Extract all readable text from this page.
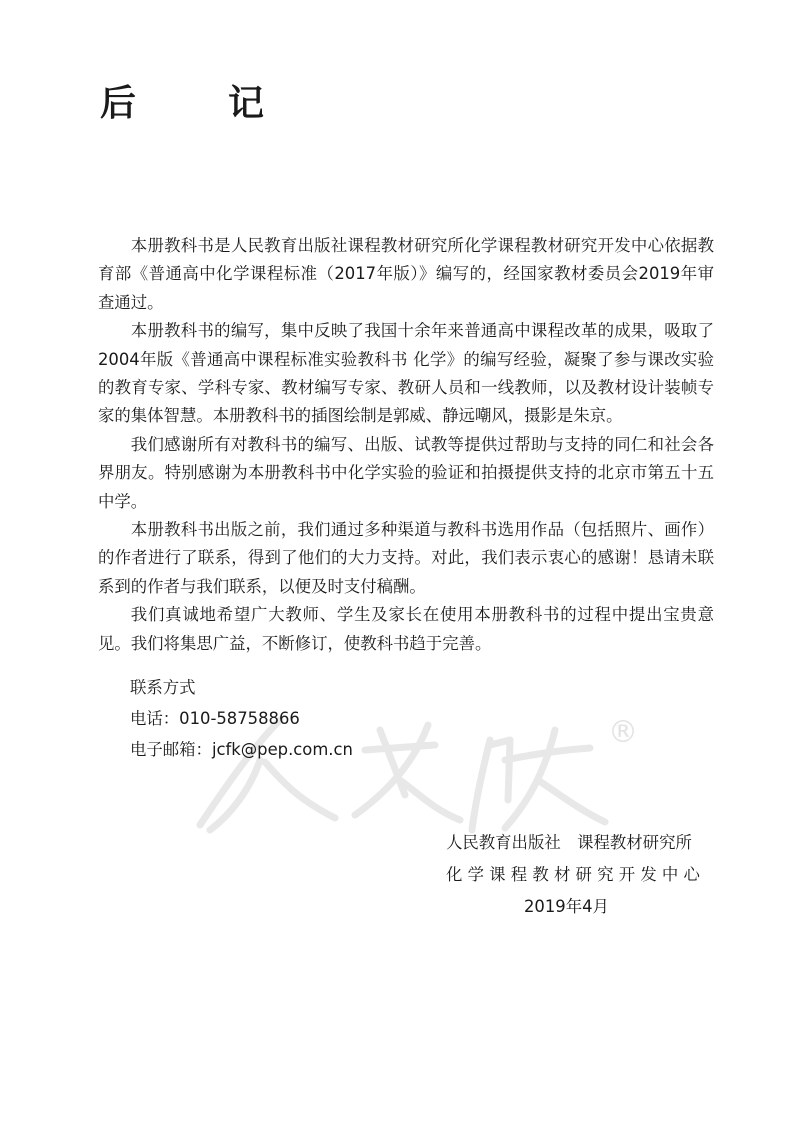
®
后　记

本册教科书是人民教育出版社课程教材研究所化学课程教材研究开发中心依据教育部《普通高中化学课程标准（2017年版）》编写的，经国家教材委员会2019年审查通过。

本册教科书的编写，集中反映了我国十余年来普通高中课程改革的成果，吸取了2004年版《普通高中课程标准实验教科书 化学》的编写经验，凝聚了参与课改实验的教育专家、学科专家、教材编写专家、教研人员和一线教师，以及教材设计装帧专家的集体智慧。本册教科书的插图绘制是郭威、静远嘲风，摄影是朱京。

我们感谢所有对教科书的编写、出版、试教等提供过帮助与支持的同仁和社会各界朋友。特别感谢为本册教科书中化学实验的验证和拍摄提供支持的北京市第五十五中学。

本册教科书出版之前，我们通过多种渠道与教科书选用作品（包括照片、画作）的作者进行了联系，得到了他们的大力支持。对此，我们表示衷心的感谢！恳请未联系到的作者与我们联系，以便及时支付稿酬。

我们真诚地希望广大教师、学生及家长在使用本册教科书的过程中提出宝贵意见。我们将集思广益，不断修订，使教科书趋于完善。

联系方式
电话：010-58758866
电子邮箱：jcfk@pep.com.cn
人民教育出版社　课程教材研究所
化学课程教材研究开发中心
2019年4月
